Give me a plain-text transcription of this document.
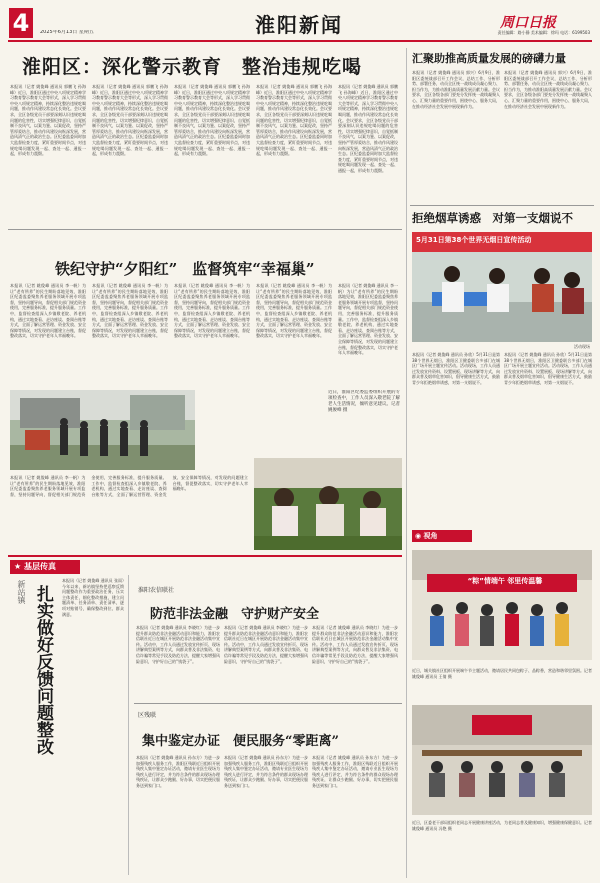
4	2025年6月13日 星期五	淮阳新闻	周口日报
责任编辑：路小静 美术编辑：徐玛 电话：6199503
淮阳区：深化警示教育　整治违规吃喝
本报讯（记者 姚俊峰 通讯员 郭鹏飞 孙海峰）近日，淮阳区通过中央八项规定精神学习教育警示教育大会等形式，深入学习贯彻中央八项规定精神，持续深化整治违规吃喝问题，推动作风建设常态化长效化。会议要求，全区各级党员干部要深刻认识违规吃喝问题的危害性，切实增强纪律意识，自觉抵制不良风气，以案为鉴、以案促改，坚持严管厚爱结合，推动作风建设向纵深发展，营造风清气正的政治生态。区纪委监委同时加大监督检查力度，紧盯重要时间节点，对违规吃喝问题发现一起、查处一起、通报一起，形成有力震慑。
本报讯（记者 姚俊峰 通讯员 郭鹏飞 孙海峰）近日，淮阳区通过中央八项规定精神学习教育警示教育大会等形式，深入学习贯彻中央八项规定精神，持续深化整治违规吃喝问题，推动作风建设常态化长效化。会议要求，全区各级党员干部要深刻认识违规吃喝问题的危害性，切实增强纪律意识，自觉抵制不良风气，以案为鉴、以案促改，坚持严管厚爱结合，推动作风建设向纵深发展，营造风清气正的政治生态。区纪委监委同时加大监督检查力度，紧盯重要时间节点，对违规吃喝问题发现一起、查处一起、通报一起，形成有力震慑。
本报讯（记者 姚俊峰 通讯员 郭鹏飞 孙海峰）近日，淮阳区通过中央八项规定精神学习教育警示教育大会等形式，深入学习贯彻中央八项规定精神，持续深化整治违规吃喝问题，推动作风建设常态化长效化。会议要求，全区各级党员干部要深刻认识违规吃喝问题的危害性，切实增强纪律意识，自觉抵制不良风气，以案为鉴、以案促改，坚持严管厚爱结合，推动作风建设向纵深发展，营造风清气正的政治生态。区纪委监委同时加大监督检查力度，紧盯重要时间节点，对违规吃喝问题发现一起、查处一起、通报一起，形成有力震慑。
本报讯（记者 姚俊峰 通讯员 郭鹏飞 孙海峰）近日，淮阳区通过中央八项规定精神学习教育警示教育大会等形式，深入学习贯彻中央八项规定精神，持续深化整治违规吃喝问题，推动作风建设常态化长效化。会议要求，全区各级党员干部要深刻认识违规吃喝问题的危害性，切实增强纪律意识，自觉抵制不良风气，以案为鉴、以案促改，坚持严管厚爱结合，推动作风建设向纵深发展，营造风清气正的政治生态。区纪委监委同时加大监督检查力度，紧盯重要时间节点，对违规吃喝问题发现一起、查处一起、通报一起，形成有力震慑。
本报讯（记者 姚俊峰 通讯员 郭鹏飞 孙海峰）近日，淮阳区通过中央八项规定精神学习教育警示教育大会等形式，深入学习贯彻中央八项规定精神，持续深化整治违规吃喝问题，推动作风建设常态化长效化。会议要求，全区各级党员干部要深刻认识违规吃喝问题的危害性，切实增强纪律意识，自觉抵制不良风气，以案为鉴、以案促改，坚持严管厚爱结合，推动作风建设向纵深发展，营造风清气正的政治生态。区纪委监委同时加大监督检查力度，紧盯重要时间节点，对违规吃喝问题发现一起、查处一起、通报一起，形成有力震慑。
铁纪守护“夕阳红”　监督筑牢“幸福巢”
本报讯（记者 姚俊峰 通讯员 李一帆）为让“老有所养”的民生期盼落地见效，淮阳区纪委监委聚焦养老服务领域开展专项监督，坚持问题导向，督促相关部门规范资金使用，完善服务标准，提升服务质量。工作中，监督检查组深入乡镇敬老院、养老机构，通过实地查看、走访座谈、查阅台账等方式，全面了解运营管理、资金发放、安全保障等情况，对发现的问题建立台账，督促整改落实，切实守护老年人幸福晚年。
本报讯（记者 姚俊峰 通讯员 李一帆）为让“老有所养”的民生期盼落地见效，淮阳区纪委监委聚焦养老服务领域开展专项监督，坚持问题导向，督促相关部门规范资金使用，完善服务标准，提升服务质量。工作中，监督检查组深入乡镇敬老院、养老机构，通过实地查看、走访座谈、查阅台账等方式，全面了解运营管理、资金发放、安全保障等情况，对发现的问题建立台账，督促整改落实，切实守护老年人幸福晚年。
本报讯（记者 姚俊峰 通讯员 李一帆）为让“老有所养”的民生期盼落地见效，淮阳区纪委监委聚焦养老服务领域开展专项监督，坚持问题导向，督促相关部门规范资金使用，完善服务标准，提升服务质量。工作中，监督检查组深入乡镇敬老院、养老机构，通过实地查看、走访座谈、查阅台账等方式，全面了解运营管理、资金发放、安全保障等情况，对发现的问题建立台账，督促整改落实，切实守护老年人幸福晚年。
本报讯（记者 姚俊峰 通讯员 李一帆）为让“老有所养”的民生期盼落地见效，淮阳区纪委监委聚焦养老服务领域开展专项监督，坚持问题导向，督促相关部门规范资金使用，完善服务标准，提升服务质量。工作中，监督检查组深入乡镇敬老院、养老机构，通过实地查看、走访座谈、查阅台账等方式，全面了解运营管理、资金发放、安全保障等情况，对发现的问题建立台账，督促整改落实，切实守护老年人幸福晚年。
本报讯（记者 姚俊峰 通讯员 李一帆）为让“老有所养”的民生期盼落地见效，淮阳区纪委监委聚焦养老服务领域开展专项监督，坚持问题导向，督促相关部门规范资金使用，完善服务标准，提升服务质量。工作中，监督检查组深入乡镇敬老院、养老机构，通过实地查看、走访座谈、查阅台账等方式，全面了解运营管理、资金发放、安全保障等情况，对发现的问题建立台账，督促整改落实，切实守护老年人幸福晚年。
近日，淮阳区纪委监委组织开展的专项检查中，工作人员深入敬老院了解老人生活情况，倾听意见建议。记者 姚俊峰 摄
本报讯（记者 姚俊峰 通讯员 李一帆）为让“老有所养”的民生期盼落地见效，淮阳区纪委监委聚焦养老服务领域开展专项监督，坚持问题导向，督促相关部门规范资金使用，完善服务标准，提升服务质量。工作中，监督检查组深入乡镇敬老院、养老机构，通过实地查看、走访座谈、查阅台账等方式，全面了解运营管理、资金发放、安全保障等情况，对发现的问题建立台账，督促整改落实，切实守护老年人幸福晚年。
汇聚助推高质量发展的磅礴力量
本报讯（记者 姚俊峰 通讯员 郭兴）6月9日，淮阳区委统战部召开工作会议，总结工作、分析形势、部署任务，动员全区统一战线成员凝心聚力、担当作为，为推动淮阳高质量发展贡献力量。会议要求，全区各级各部门要充分发挥统一战线凝聚人心、汇聚力量的重要作用，围绕中心、服务大局，在推动经济社会发展中展现新作为。
本报讯（记者 姚俊峰 通讯员 郭兴）6月9日，淮阳区委统战部召开工作会议，总结工作、分析形势、部署任务，动员全区统一战线成员凝心聚力、担当作为，为推动淮阳高质量发展贡献力量。会议要求，全区各级各部门要充分发挥统一战线凝聚人心、汇聚力量的重要作用，围绕中心、服务大局，在推动经济社会发展中展现新作为。
拒绝烟草诱惑　对第一支烟说不
5月31日第38个世界无烟日宣传活动
活动现场
本报讯（记者 姚俊峰 通讯员 孙欣）5月31日是第38个世界无烟日，淮阳区卫健委联合多部门在城区广场开展主题宣传活动。活动现场，工作人员通过发放宣传资料、设置展板、现场讲解等方式，向群众普及烟草危害知识，倡导健康生活方式，鼓励青少年拒绝烟草诱惑，对第一支烟说不。
本报讯（记者 姚俊峰 通讯员 孙欣）5月31日是第38个世界无烟日，淮阳区卫健委联合多部门在城区广场开展主题宣传活动。活动现场，工作人员通过发放宣传资料、设置展板、现场讲解等方式，向群众普及烟草危害知识，倡导健康生活方式，鼓励青少年拒绝烟草诱惑，对第一支烟说不。
★ 基层传真
新站镇 扎实做好反馈问题整改
本报讯（记者 姚俊峰 通讯员 张雨）今年以来，新站镇坚持把巡察反馈问题整改作为重要政治任务，压实主体责任，细化整改措施，建立问题清单、任务清单、责任清单，逐项对账销号，确保整改到位、群众满意。
淮阳农信联社
防范非法金融　守护财产安全
本报讯（记者 姚俊峰 通讯员 李晓红）为进一步提升群众防范非法金融活动意识和能力，淮阳农信联社近日在城区开展防范非法金融活动集中宣传。活动中，工作人员通过发放宣传折页、现场讲解典型案例等方式，向群众普及非法集资、电信诈骗等常见手段及防范方法，提醒大家增强风险意识，守护好自己的“钱袋子”。
本报讯（记者 姚俊峰 通讯员 李晓红）为进一步提升群众防范非法金融活动意识和能力，淮阳农信联社近日在城区开展防范非法金融活动集中宣传。活动中，工作人员通过发放宣传折页、现场讲解典型案例等方式，向群众普及非法集资、电信诈骗等常见手段及防范方法，提醒大家增强风险意识，守护好自己的“钱袋子”。
本报讯（记者 姚俊峰 通讯员 李晓红）为进一步提升群众防范非法金融活动意识和能力，淮阳农信联社近日在城区开展防范非法金融活动集中宣传。活动中，工作人员通过发放宣传折页、现场讲解典型案例等方式，向群众普及非法集资、电信诈骗等常见手段及防范方法，提醒大家增强风险意识，守护好自己的“钱袋子”。
区残联
集中鉴定办证　便民服务“零距离”
本报讯（记者 姚俊峰 通讯员 孙东方）为进一步加强残疾人服务工作，淮阳区残联近日组织开展残疾人集中鉴定办证活动，邀请专业医生现场为残疾人进行评定，并为符合条件的群众现场办理残疾证，让群众少跑腿、好办事，切实把便民服务送到家门口。
本报讯（记者 姚俊峰 通讯员 孙东方）为进一步加强残疾人服务工作，淮阳区残联近日组织开展残疾人集中鉴定办证活动，邀请专业医生现场为残疾人进行评定，并为符合条件的群众现场办理残疾证，让群众少跑腿、好办事，切实把便民服务送到家门口。
本报讯（记者 姚俊峰 通讯员 孙东方）为进一步加强残疾人服务工作，淮阳区残联近日组织开展残疾人集中鉴定办证活动，邀请专业医生现场为残疾人进行评定，并为符合条件的群众现场办理残疾证，让群众少跑腿、好办事，切实把便民服务送到家门口。
◉ 视角
“粽”情端午 邻里传温馨
近日，城关镇社区组织开展端午节主题活动，邀请居民共同包粽子、品粽香，营造和谐邻里氛围。记者 姚俊峰 通讯员 王倩 摄
近日，区委老干部局组织老同志开展健康讲座活动，为老同志普及健康知识，增强健康保健意识。记者 姚俊峰 通讯员 冯艳 摄
